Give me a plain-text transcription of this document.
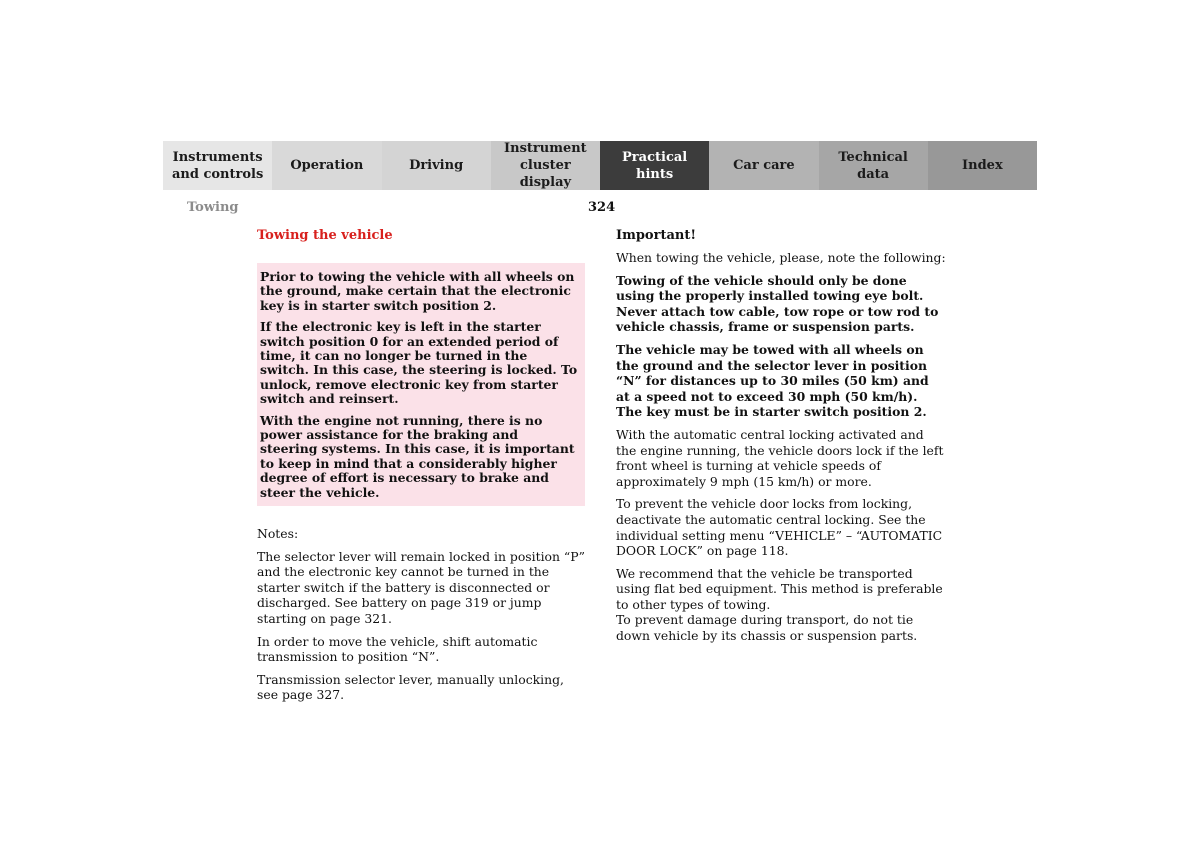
Instruments
and controls
Operation	Driving
Instrument
cluster display
Practical hints
Car care
Technical
data
Index
Towing	324
Towing the vehicle

Prior to towing the vehicle with all wheels on the ground, make certain that the electronic key is in starter switch position 2.

If the electronic key is left in the starter switch position 0 for an extended period of time, it can no longer be turned in the switch. In this case, the steering is locked. To unlock, remove electronic key from starter switch and reinsert.

With the engine not running, there is no power assistance for the braking and steering systems. In this case, it is important to keep in mind that a considerably higher degree of effort is necessary to brake and steer the vehicle.

Notes:

The selector lever will remain locked in position “P” and the electronic key cannot be turned in the starter switch if the battery is disconnected or discharged. See battery on page 319 or jump starting on page 321.

In order to move the vehicle, shift automatic transmission to position “N”.

Transmission selector lever, manually unlocking, see page 327.

Important!

When towing the vehicle, please, note the following:

Towing of the vehicle should only be done using the properly installed towing eye bolt. Never attach tow cable, tow rope or tow rod to vehicle chassis, frame or suspension parts.

The vehicle may be towed with all wheels on the ground and the selector lever in position “N” for distances up to 30 miles (50 km) and at a speed not to exceed 30 mph (50 km/h). The key must be in starter switch position 2.

With the automatic central locking activated and the engine running, the vehicle doors lock if the left front wheel is turning at vehicle speeds of approximately 9 mph (15 km/h) or more.

To prevent the vehicle door locks from locking, deactivate the automatic central locking. See the individual setting menu “VEHICLE” – “AUTOMATIC DOOR LOCK” on page 118.

We recommend that the vehicle be transported using flat bed equipment. This method is preferable to other types of towing.
To prevent damage during transport, do not tie down vehicle by its chassis or suspension parts.
